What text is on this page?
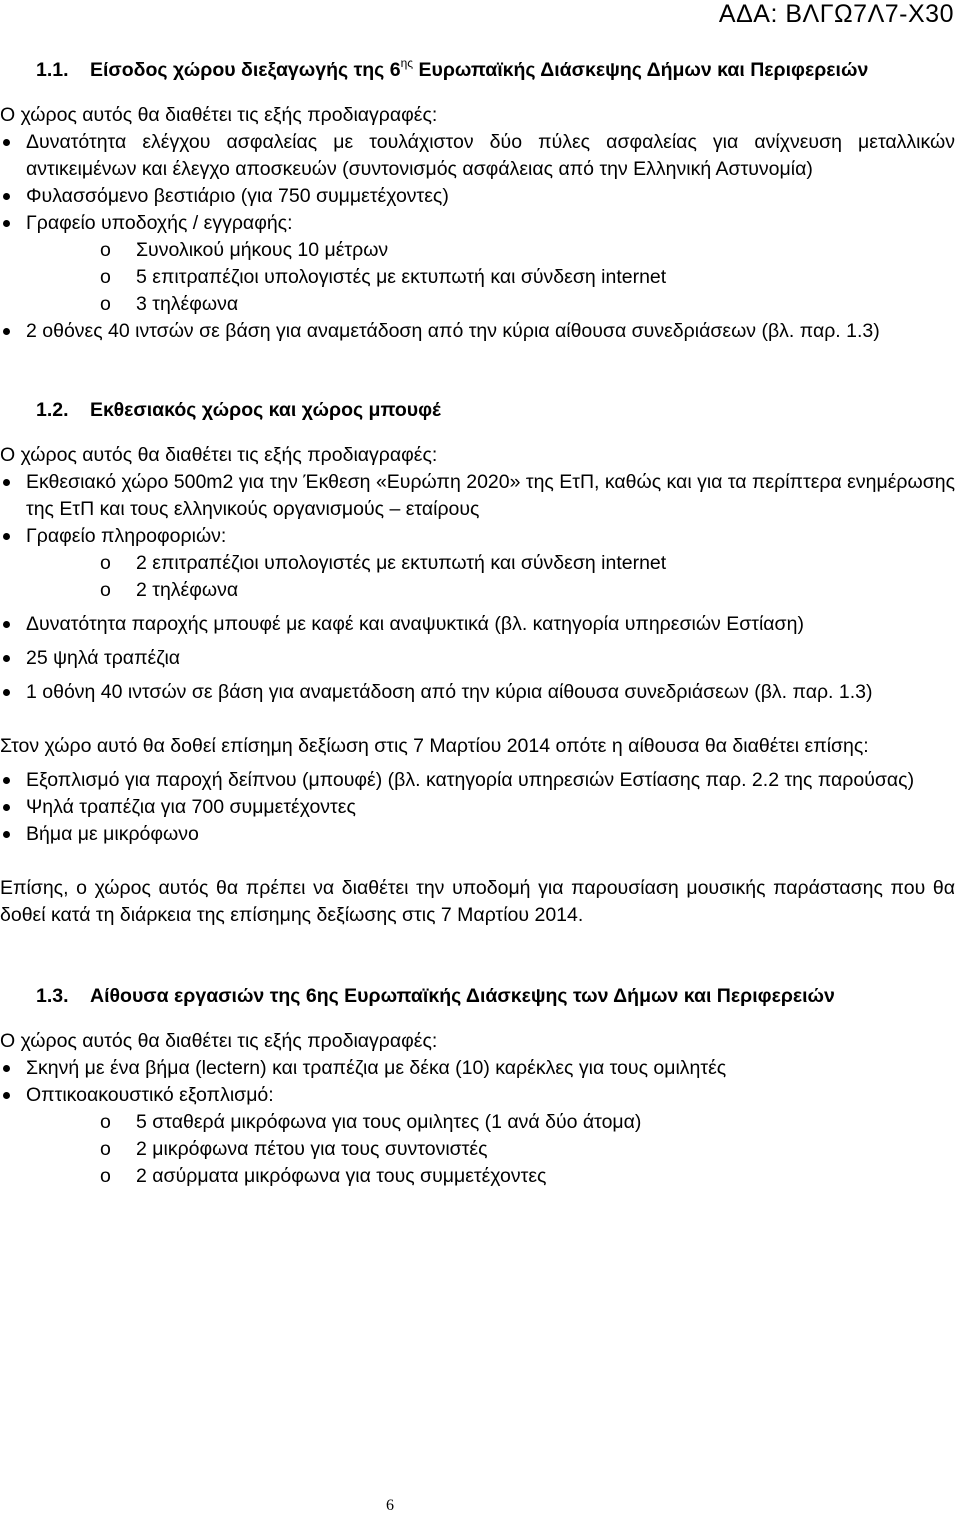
ΑΔΑ: ΒΛΓΩ7Λ7-Χ30
1.1.	Είσοδος χώρου διεξαγωγής της $6^{\eta\varsigma}$ Ευρωπαϊκής Διάσκεψης Δήμων και Περιφερειών

Ο χώρος αυτός θα διαθέτει τις εξής προδιαγραφές:

Δυνατότητα ελέγχου ασφαλείας με τουλάχιστον δύο πύλες ασφαλείας για ανίχνευση μεταλλικών αντικειμένων και έλεγχο αποσκευών (συντονισμός ασφάλειας από την Ελληνική Αστυνομία)
Φυλασσόμενο βεστιάριο (για 750 συμμετέχοντες)
Γραφείο υποδοχής / εγγραφής:
o Συνολικού μήκους 10 μέτρων
o 5 επιτραπέζιοι υπολογιστές με εκτυπωτή και σύνδεση internet
o 3 τηλέφωνα
2 οθόνες 40 ιντσών σε βάση για αναμετάδοση από την κύρια αίθουσα συνεδριάσεων (βλ. παρ. 1.3)
1.2.	Εκθεσιακός χώρος και χώρος μπουφέ

Ο χώρος αυτός θα διαθέτει τις εξής προδιαγραφές:

Εκθεσιακό χώρο 500m2 για την Έκθεση «Ευρώπη 2020» της ΕτΠ, καθώς και για τα περίπτερα ενημέρωσης της ΕτΠ και τους ελληνικούς οργανισμούς – εταίρους
Γραφείο πληροφοριών:
o 2 επιτραπέζιοι υπολογιστές με εκτυπωτή και σύνδεση internet
o 2 τηλέφωνα
Δυνατότητα παροχής μπουφέ με καφέ και αναψυκτικά (βλ. κατηγορία υπηρεσιών Εστίαση)
25 ψηλά τραπέζια
1 οθόνη 40 ιντσών σε βάση για αναμετάδοση από την κύρια αίθουσα συνεδριάσεων (βλ. παρ. 1.3)

Στον χώρο αυτό θα δοθεί επίσημη δεξίωση στις 7 Μαρτίου 2014 οπότε η αίθουσα θα διαθέτει επίσης:

Εξοπλισμό για παροχή δείπνου (μπουφέ) (βλ. κατηγορία υπηρεσιών Εστίασης παρ. 2.2 της παρούσας)
Ψηλά τραπέζια για 700 συμμετέχοντες
Βήμα με μικρόφωνο

Επίσης, ο χώρος αυτός θα πρέπει να διαθέτει την υποδομή για παρουσίαση μουσικής παράστασης που θα δοθεί κατά τη διάρκεια της επίσημης δεξίωσης στις 7 Μαρτίου 2014.

1.3.	Αίθουσα εργασιών της 6ης Ευρωπαϊκής Διάσκεψης των Δήμων και Περιφερειών

Ο χώρος αυτός θα διαθέτει τις εξής προδιαγραφές:

Σκηνή με ένα βήμα (lectern) και τραπέζια με δέκα (10) καρέκλες για τους ομιλητές
Οπτικοακουστικό εξοπλισμό:
o 5 σταθερά μικρόφωνα για τους ομιλητες (1 ανά δύο άτομα)
o 2 μικρόφωνα πέτου για τους συντονιστές
o 2 ασύρματα μικρόφωνα για τους συμμετέχοντες
6
